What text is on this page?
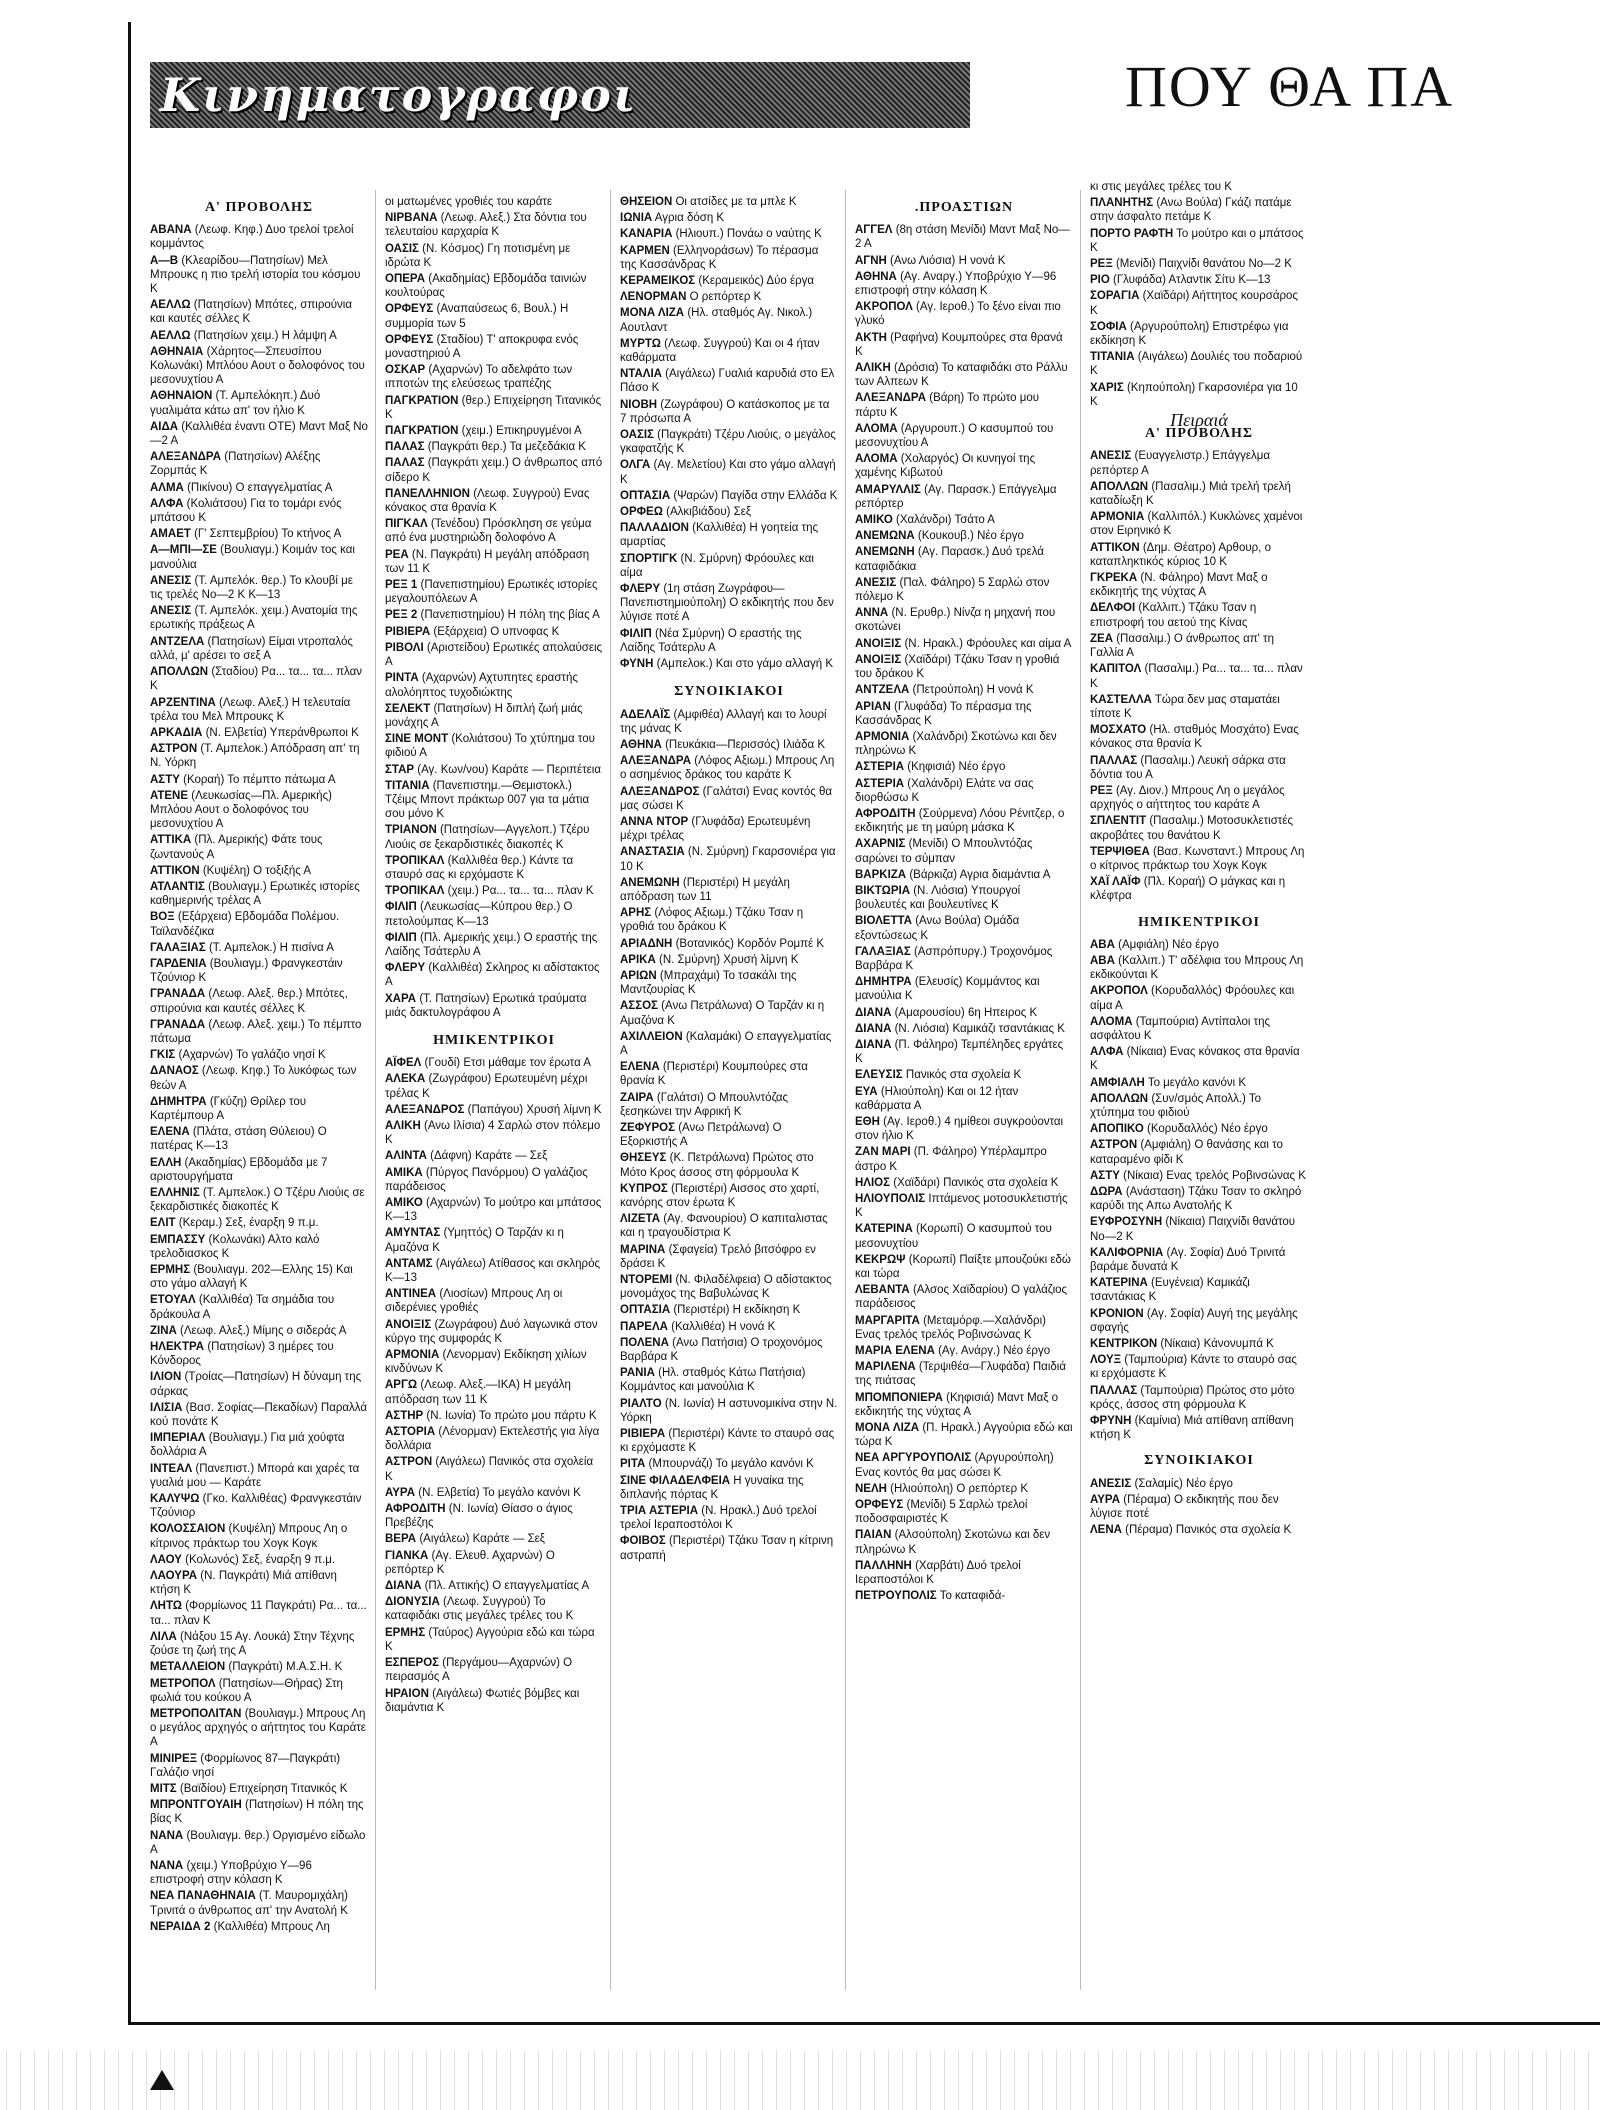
Κινηματογραφοι	ΠΟΥ ΘΑ ΠΑ
Α' ΠΡΟΒΟΛΗΣ
ΑΒΑΝΑ (Λεωφ. Κηφ.) Δυο τρελοί τρελοί κομμάντος
Α—Β (Κλεαρίδου—Πατησίων) Μελ Μπρουκς η πιο τρελή ιστορία του κόσμου Κ
ΑΕΛΛΩ (Πατησίων) Μπότες, σπιρούνια και καυτές σέλλες Κ
ΑΕΛΛΩ (Πατησίων χειμ.) Η λάμψη Α
ΑΘΗΝΑΙΑ (Χάρητος—Σπευσίπου Κολωνάκι) Μπλόου Αουτ ο δολοφόνος του μεσονυχτίου Α
ΑΘΗΝΑΙΟΝ (Τ. Αμπελόκηπ.) Δυό γυαλιμάτα κάτω απ' τον ήλιο Κ
ΑΙΔΑ (Καλλιθέα έναντι ΟΤΕ) Μαντ Μαξ Νο—2 Α
ΑΛΕΞΑΝΔΡΑ (Πατησίων) Αλέξης Ζορμπάς Κ
ΑΛΜΑ (Πικίνου) Ο επαγγελματίας Α
ΑΛΦΑ (Κολιάτσου) Για το τομάρι ενός μπάτσου Κ
ΑΜΑΕΤ (Γ' Σεπτεμβρίου) Το κτήνος Α
Α—ΜΠΙ—ΣΕ (Βουλιαγμ.) Κοιμάν τος και μανούλια
ΑΝΕΣΙΣ (Τ. Αμπελόκ. θερ.) Το κλουβί με τις τρελές Νο—2 Κ Κ—13
ΑΝΕΣΙΣ (Τ. Αμπελόκ. χειμ.) Ανατομία της ερωτικής πράξεως Α
ΑΝΤΖΕΛΑ (Πατησίων) Είμαι ντροπαλός αλλά, μ' αρέσει το σεξ Α
ΑΠΟΛΛΩΝ (Σταδίου) Ρα... τα... τα... πλαν Κ
ΑΡΖΕΝΤΙΝΑ (Λεωφ. Αλεξ.) Η τελευταία τρέλα του Μελ Μπρουκς Κ
ΑΡΚΑΔΙΑ (Ν. Ελβετία) Υπεράνθρωποι Κ
ΑΣΤΡΟΝ (Τ. Αμπελοκ.) Απόδραση απ' τη Ν. Υόρκη
ΑΣΤΥ (Κοραή) Το πέμπτο πάτωμα Α
ΑΤΕΝΕ (Λευκωσίας—Πλ. Αμερικής) Μπλόου Αουτ ο δολοφόνος του μεσονυχτίου Α
ΑΤΤΙΚΑ (Πλ. Αμερικής) Φάτε τους ζωντανούς Α
ΑΤΤΙΚΟΝ (Κυψέλη) Ο τοξιξής Α
ΑΤΛΑΝΤΙΣ (Βουλιαγμ.) Ερωτικές ιστορίες καθημερινής τρέλας Α
ΒΟΞ (Εξάρχεια) Εβδομάδα Πολέμου. Ταϊλανδέζικα
ΓΑΛΑΞΙΑΣ (Τ. Αμπελοκ.) Η πισίνα Α
ΓΑΡΔΕΝΙΑ (Βουλιαγμ.) Φρανγκεστάιν Τζούνιορ Κ
ΓΡΑΝΑΔΑ (Λεωφ. Αλεξ. θερ.) Μπότες, σπιρούνια και καυτές σέλλες Κ
ΓΡΑΝΑΔΑ (Λεωφ. Αλεξ. χειμ.) Το πέμπτο πάτωμα
ΓΚΙΣ (Αχαρνών) Το γαλάζιο νησί Κ
ΔΑΝΑΟΣ (Λεωφ. Κηφ.) Το λυκόφως των θεών Α
ΔΗΜΗΤΡΑ (Γκύζη) Θρίλερ του Καρτέμπουρ Α
ΕΛΕΝΑ (Πλάτα, στάση Θύλειου) Ο πατέρας Κ—13
ΕΛΛΗ (Ακαδημίας) Εβδομάδα με 7 αριστουργήματα
ΕΛΛΗΝΙΣ (Τ. Αμπελοκ.) Ο Τζέρυ Λιούις σε ξεκαρδιστικές διακοπές Κ
ΕΛΙΤ (Κεραμ.) Σεξ, έναρξη 9 π.μ.
ΕΜΠΑΣΣΥ (Κολωνάκι) Αλτο καλό τρελοδιασκος Κ
ΕΡΜΗΣ (Βουλιαγμ. 202—Ελλης 15) Και στο γάμο αλλαγή Κ
ΕΤΟΥΑΛ (Καλλιθέα) Τα σημάδια του δράκουλα Α
ΖΙΝΑ (Λεωφ. Αλεξ.) Μίμης ο σιδεράς Α
ΗΛΕΚΤΡΑ (Πατησίων) 3 ημέρες του Κόνδορος
ΙΛΙΟΝ (Τροίας—Πατησίων) Η δύναμη της σάρκας
ΙΛΙΣΙΑ (Βασ. Σοφίας—Πεκαδίων) Παραλλά κού πονάτε Κ
ΙΜΠΕΡΙΑΛ (Βουλιαγμ.) Για μιά χούφτα δολλάρια Α
ΙΝΤΕΑΛ (Πανεπιστ.) Μπορά και χαρές τα γυαλιά μου — Καράτε
ΚΑΛΥΨΩ (Γκο. Καλλιθέας) Φρανγκεστάιν Τζούνιορ
ΚΟΛΟΣΣΑΙΟΝ (Κυψέλη) Μπρους Λη ο κίτρινος πράκτωρ του Χογκ Κογκ
ΛΑΟΥ (Κολωνός) Σεξ, έναρξη 9 π.μ.
ΛΑΟΥΡΑ (Ν. Παγκράτι) Μιά απίθανη κτήση Κ
ΛΗΤΩ (Φορμίωνος 11 Παγκράτι) Ρα... τα... τα... πλαν Κ
ΛΙΛΑ (Νάξου 15 Αγ. Λουκά) Στην Τέχνης ζούσε τη ζωή της Α
ΜΕΤΑΛΛΕΙΟΝ (Παγκράτι) Μ.Α.Σ.Η. Κ
ΜΕΤΡΟΠΟΛ (Πατησίων—Θήρας) Στη φωλιά του κούκου Α
ΜΕΤΡΟΠΟΛΙΤΑΝ (Βουλιαγμ.) Μπρους Λη ο μεγάλος αρχηγός ο αήττητος του Καράτε Α
ΜΙΝΙΡΕΞ (Φορμίωνος 87—Παγκράτι) Γαλάζιο νησί
ΜΙΤΣ (Βαϊδίου) Επιχείρηση Τιτανικός Κ
ΜΠΡΟΝΤΓΟΥΑΙΗ (Πατησίων) Η πόλη της βίας Κ
ΝΑΝΑ (Βουλιαγμ. θερ.) Οργισμένο είδωλο Α
ΝΑΝΑ (χειμ.) Υποβρύχιο Υ—96 επιστροφή στην κόλαση Κ
ΝΕΑ ΠΑΝΑΘΗΝΑΙΑ (Τ. Μαυρομιχάλη) Τρινιτά ο άνθρωπος απ' την Ανατολή Κ
ΝΕΡΑΙΔΑ 2 (Καλλιθέα) Μπρους Λη
οι ματωμένες γροθιές του καράτε
ΝΙΡΒΑΝΑ (Λεωφ. Αλεξ.) Στα δόντια του τελευταίου καρχαρία Κ
ΟΑΣΙΣ (Ν. Κόσμος) Γη ποτισμένη με ιδρώτα Κ
ΟΠΕΡΑ (Ακαδημίας) Εβδομάδα ταινιών κουλτούρας
ΟΡΦΕΥΣ (Αναπαύσεως 6, Βουλ.) Η συμμορία των 5
ΟΡΦΕΥΣ (Σταδίου) Τ' αποκρυφα ενός μοναστηριού Α
ΟΣΚΑΡ (Αχαρνών) Το αδελφάτο των ιπποτών της ελεύσεως τραπέζης
ΠΑΓΚΡΑΤΙΟΝ (θερ.) Επιχείρηση Τιτανικός Κ
ΠΑΓΚΡΑΤΙΟΝ (χειμ.) Επικηρυγμένοι Α
ΠΑΛΑΣ (Παγκράτι θερ.) Τα μεζεδάκια Κ
ΠΑΛΑΣ (Παγκράτι χειμ.) Ο άνθρωπος από σίδερο Κ
ΠΑΝΕΛΛΗΝΙΟΝ (Λεωφ. Συγγρού) Ενας κόνακος στα θρανία Κ
ΠΙΓΚΑΛ (Τενέδου) Πρόσκληση σε γεύμα από ένα μυστηριώδη δολοφόνο Α
ΡΕΑ (Ν. Παγκράτι) Η μεγάλη απόδραση των 11 Κ
ΡΕΞ 1 (Πανεπιστημίου) Ερωτικές ιστορίες μεγαλουπόλεων Α
ΡΕΞ 2 (Πανεπιστημίου) Η πόλη της βίας Α
ΡΙΒΙΕΡΑ (Εξάρχεια) Ο υπνοφας Κ
ΡΙΒΟΛΙ (Αριστείδου) Ερωτικές απολαύσεις Α
ΡΙΝΤΑ (Αχαρνών) Αχτυπητες εραστής αλολόηπτος τυχοδιώκτης
ΣΕΛΕΚΤ (Πατησίων) Η διπλή ζωή μιάς μονάχης Α
ΣΙΝΕ ΜΟΝΤ (Κολιάτσου) Το χτύπημα του φιδιού Α
ΣΤΑΡ (Αγ. Κων/νου) Καράτε — Περιπέτεια
ΤΙΤΑΝΙΑ (Πανεπιστημ.—Θεμιστοκλ.) Τζέιμς Μποντ πράκτωρ 007 για τα μάτια σου μόνο Κ
ΤΡΙΑΝΟΝ (Πατησίων—Αγγελοπ.) Τζέρυ Λιούις σε ξεκαρδιστικές διακοπές Κ
ΤΡΟΠΙΚΑΛ (Καλλιθέα θερ.) Κάντε τα σταυρό σας κι ερχόμαστε Κ
ΤΡΟΠΙΚΑΛ (χειμ.) Ρα... τα... τα... πλαν Κ
ΦΙΛΙΠ (Λευκωσίας—Κύπρου θερ.) Ο πετολούμπας Κ—13
ΦΙΛΙΠ (Πλ. Αμερικής χειμ.) Ο εραστής της Λαίδης Τσάτερλυ Α
ΦΛΕΡΥ (Καλλιθέα) Σκληρος κι αδίστακτος Α
ΧΑΡΑ (Τ. Πατησίων) Ερωτικά τραύματα μιάς δακτυλογράφου Α
ΗΜΙΚΕΝΤΡΙΚΟΙ
ΑΪΦΕΛ (Γουδί) Ετσι μάθαμε τον έρωτα Α
ΑΛΕΚΑ (Ζωγράφου) Ερωτευμένη μέχρι τρέλας Κ
ΑΛΕΞΑΝΔΡΟΣ (Παπάγου) Χρυσή λίμνη Κ
ΑΛΙΚΗ (Ανω Ιλίσια) 4 Σαρλώ στον πόλεμο Κ
ΑΛΙΝΤΑ (Δάφνη) Καράτε — Σεξ
ΑΜΙΚΑ (Πύργος Πανόρμου) Ο γαλάζιος παράδεισος
ΑΜΙΚΟ (Αχαρνών) Το μούτρο και μπάτσος Κ—13
ΑΜΥΝΤΑΣ (Υμηττός) Ο Ταρζάν κι η Αμαζόνα Κ
ΑΝΤΑΜΣ (Αιγάλεω) Ατίθασος και σκληρός Κ—13
ΑΝΤΙΝΕΑ (Λιοσίων) Μπρους Λη οι σιδερένιες γροθιές
ΑΝΟΙΞΙΣ (Ζωγράφου) Δυό λαγωνικά στον κύργο της συμφοράς Κ
ΑΡΜΟΝΙΑ (Λενορμαν) Εκδίκηση χιλίων κινδύνων Κ
ΑΡΓΩ (Λεωφ. Αλεξ.—ΙΚΑ) Η μεγάλη απόδραση των 11 Κ
ΑΣΤΗΡ (Ν. Ιωνία) Το πρώτο μου πάρτυ Κ
ΑΣΤΟΡΙΑ (Λένορμαν) Εκτελεστής για λίγα δολλάρια
ΑΣΤΡΟΝ (Αιγάλεω) Πανικός στα σχολεία Κ
ΑΥΡΑ (Ν. Ελβετία) Το μεγάλο κανόνι Κ
ΑΦΡΟΔΙΤΗ (Ν. Ιωνία) Θίασο ο άγιος Πρεβέζης
ΒΕΡΑ (Αιγάλεω) Καράτε — Σεξ
ΓΙΑΝΚΑ (Αγ. Ελευθ. Αχαρνών) Ο ρεπόρτερ Κ
ΔΙΑΝΑ (Πλ. Αττικής) Ο επαγγελματίας Α
ΔΙΟΝΥΣΙΑ (Λεωφ. Συγγρού) Το καταφιδάκι στις μεγάλες τρέλες του Κ
ΕΡΜΗΣ (Ταύρος) Αγγούρια εδώ και τώρα Κ
ΕΣΠΕΡΟΣ (Περγάμου—Αχαρνών) Ο πειρασμός Α
ΗΡΑΙΟΝ (Αιγάλεω) Φωτιές βόμβες και διαμάντια Κ
ΘΗΣΕΙΟΝ Οι ατσίδες με τα μπλε Κ
ΙΩΝΙΑ Αγρια δόση Κ
ΚΑΝΑΡΙΑ (Ηλιουπ.) Πονάω ο ναύτης Κ
ΚΑΡΜΕΝ (Ελληνοράσων) Το πέρασμα της Κασσάνδρας Κ
ΚΕΡΑΜΕΙΚΟΣ (Κεραμεικός) Δύο έργα
ΛΕΝΟΡΜΑΝ Ο ρεπόρτερ Κ
ΜΟΝΑ ΛΙΖΑ (Ηλ. σταθμός Αγ. Νικολ.) Αουτλαντ
ΜΥΡΤΩ (Λεωφ. Συγγρού) Και οι 4 ήταν καθάρματα
ΝΤΑΛΙΑ (Αιγάλεω) Γυαλιά καρυδιά στο Ελ Πάσο Κ
ΝΙΟΒΗ (Ζωγράφου) Ο κατάσκοπος με τα 7 πρόσωπα Α
ΟΑΣΙΣ (Παγκράτι) Τζέρυ Λιούις, ο μεγάλος γκαφατζής Κ
ΟΛΓΑ (Αγ. Μελετίου) Και στο γάμο αλλαγή Κ
ΟΠΤΑΣΙΑ (Ψαρών) Παγίδα στην Ελλάδα Κ
ΟΡΦΕΩ (Αλκιβιάδου) Σεξ
ΠΑΛΛΑΔΙΟΝ (Καλλιθέα) Η γοητεία της αμαρτίας
ΣΠΟΡΤΙΓΚ (Ν. Σμύρνη) Φρόουλες και αίμα
ΦΛΕΡΥ (1η στάση Ζωγράφου—Πανεπιστημιούπολη) Ο εκδικητής που δεν λύγισε ποτέ Α
ΦΙΛΙΠ (Νέα Σμύρνη) Ο εραστής της Λαίδης Τσάτερλυ Α
ΦΥΝΗ (Αμπελοκ.) Και στο γάμο αλλαγή Κ
ΣΥΝΟΙΚΙΑΚΟΙ
ΑΔΕΛΑΪΣ (Αμφιθέα) Αλλαγή και το λουρί της μάνας Κ
ΑΘΗΝΑ (Πευκάκια—Περισσός) Ιλιάδα Κ
ΑΛΕΞΑΝΔΡΑ (Λόφος Αξιωμ.) Μπρους Λη ο ασημένιος δράκος του καράτε Κ
ΑΛΕΞΑΝΔΡΟΣ (Γαλάτσι) Ενας κοντός θα μας σώσει Κ
ΑΝΝΑ ΝΤΟΡ (Γλυφάδα) Ερωτευμένη μέχρι τρέλας
ΑΝΑΣΤΑΣΙΑ (Ν. Σμύρνη) Γκαρσονιέρα για 10 Κ
ΑΝΕΜΩΝΗ (Περιστέρι) Η μεγάλη απόδραση των 11
ΑΡΗΣ (Λόφος Αξιωμ.) Τζάκυ Τσαν η γροθιά του δράκου Κ
ΑΡΙΑΔΝΗ (Βοτανικός) Κορδόν Ρομπέ Κ
ΑΡΙΚΑ (Ν. Σμύρνη) Χρυσή λίμνη Κ
ΑΡΙΩΝ (Μπραχάμι) Το τσακάλι της Μαντζουρίας Κ
ΑΣΣΟΣ (Ανω Πετράλωνα) Ο Ταρζάν κι η Αμαζόνα Κ
ΑΧΙΛΛΕΙΟΝ (Καλαμάκι) Ο επαγγελματίας Α
ΕΛΕΝΑ (Περιστέρι) Κουμπούρες στα θρανία Κ
ΖΑΙΡΑ (Γαλάτσι) Ο Μπουλντόζας ξεσηκώνει την Αφρική Κ
ΖΕΦΥΡΟΣ (Ανω Πετράλωνα) Ο Εξορκιστής Α
ΘΗΣΕΥΣ (Κ. Πετράλωνα) Πρώτος στο Μότο Κρος άσσος στη φόρμουλα Κ
ΚΥΠΡΟΣ (Περιστέρι) Αισσος στο χαρτί, κανόρης στον έρωτα Κ
ΛΙΖΕΤΑ (Αγ. Φανουρίου) Ο καπιταλιστας και η τραγουδίστρια Κ
ΜΑΡΙΝΑ (Σφαγεία) Τρελό βιτσόφρο εν δράσει Κ
ΝΤΟΡΕΜΙ (Ν. Φιλαδέλφεια) Ο αδίστακτος μονομάχος της Βαβυλώνας Κ
ΟΠΤΑΣΙΑ (Περιστέρι) Η εκδίκηση Κ
ΠΑΡΕΛΑ (Καλλιθέα) Η νονά Κ
ΠΟΛΕΝΑ (Ανω Πατήσια) Ο τροχονόμος Βαρβάρα Κ
ΡΑΝΙΑ (Ηλ. σταθμός Κάτω Πατήσια) Κομμάντος και μανούλια Κ
ΡΙΑΛΤΟ (Ν. Ιωνία) Η αστυνομικίνα στην Ν. Υόρκη
ΡΙΒΙΕΡΑ (Περιστέρι) Κάντε το σταυρό σας κι ερχόμαστε Κ
ΡΙΤΑ (Μπουρνάζι) Το μεγάλο κανόνι Κ
ΣΙΝΕ ΦΙΛΑΔΕΛΦΕΙΑ Η γυναίκα της διπλανής πόρτας Κ
ΤΡΙΑ ΑΣΤΕΡΙΑ (Ν. Ηρακλ.) Δυό τρελοί τρελοί Ιεραποστόλοι Κ
ΦΟΙΒΟΣ (Περιστέρι) Τζάκυ Τσαν η κίτρινη αστραπή
.ΠΡΟΑΣΤΙΩΝ
ΑΓΓΕΛ (8η στάση Μενίδι) Μαντ Μαξ Νο—2 Α
ΑΓΝΗ (Ανω Λιόσια) Η νονά Κ
ΑΘΗΝΑ (Αγ. Αναργ.) Υποβρύχιο Υ—96 επιστροφή στην κόλαση Κ
ΑΚΡΟΠΟΛ (Αγ. Ιεροθ.) Το ξένο είναι πιο γλυκό
ΑΚΤΗ (Ραφήνα) Κουμπούρες στα θρανά Κ
ΑΛΙΚΗ (Δρόσια) Το καταφιδάκι στο Ράλλυ των Αλπεων Κ
ΑΛΕΞΑΝΔΡΑ (Βάρη) Το πρώτο μου πάρτυ Κ
ΑΛΟΜΑ (Αργυρουπ.) Ο κασυμπού του μεσονυχτίου Α
ΑΛΟΜΑ (Χολαργός) Οι κυνηγοί της χαμένης Κιβωτού
ΑΜΑΡΥΛΛΙΣ (Αγ. Παρασκ.) Επάγγελμα ρεπόρτερ
ΑΜΙΚΟ (Χαλάνδρι) Τσάτο Α
ΑΝΕΜΩΝΑ (Κουκουβ.) Νέο έργο
ΑΝΕΜΩΝΗ (Αγ. Παρασκ.) Δυό τρελά καταφιδάκια
ΑΝΕΣΙΣ (Παλ. Φάληρο) 5 Σαρλώ στον πόλεμο Κ
ΑΝΝΑ (Ν. Ερυθρ.) Νίνζα η μηχανή που σκοτώνει
ΑΝΟΙΞΙΣ (Ν. Ηρακλ.) Φρόουλες και αίμα Α
ΑΝΟΙΞΙΣ (Χαϊδάρι) Τζάκυ Τσαν η γροθιά του δράκου Κ
ΑΝΤΖΕΛΑ (Πετρούπολη) Η νονά Κ
ΑΡΙΑΝ (Γλυφάδα) Το πέρασμα της Κασσάνδρας Κ
ΑΡΜΟΝΙΑ (Χαλάνδρι) Σκοτώνω και δεν πληρώνω Κ
ΑΣΤΕΡΙΑ (Κηφισιά) Νέο έργο
ΑΣΤΕΡΙΑ (Χαλάνδρι) Ελάτε να σας διορθώσω Κ
ΑΦΡΟΔΙΤΗ (Σούρμενα) Λόου Ρένιτζερ, ο εκδικητής με τη μαύρη μάσκα Κ
ΑΧΑΡΝΙΣ (Μενίδι) Ο Μπουλντόζας σαρώνει το σύμπαν
ΒΑΡΚΙΖΑ (Βάρκιζα) Αγρια διαμάντια Α
ΒΙΚΤΩΡΙΑ (Ν. Λιόσια) Υπουργοί βουλευτές και βουλευτίνες Κ
ΒΙΟΛΕΤΤΑ (Ανω Βούλα) Ομάδα εξοντώσεως Κ
ΓΑΛΑΞΙΑΣ (Ασπρόπυργ.) Τροχονόμος Βαρβάρα Κ
ΔΗΜΗΤΡΑ (Ελευσίς) Κομμάντος και μανούλια Κ
ΔΙΑΝΑ (Αμαρουσίου) 6η Ηπειρος Κ
ΔΙΑΝΑ (Ν. Λιόσια) Καμικάζι τσαντάκιας Κ
ΔΙΑΝΑ (Π. Φάληρο) Τεμπέληδες εργάτες Κ
ΕΛΕΥΣΙΣ Πανικός στα σχολεία Κ
ΕΥΑ (Ηλιούπολη) Και οι 12 ήταν καθάρματα Α
ΕΘΗ (Αγ. Ιεροθ.) 4 ημίθεοι συγκρούονται στον ήλιο Κ
ΖΑΝ ΜΑΡΙ (Π. Φάληρο) Υπέρλαμπρο άστρο Κ
ΗΛΙΟΣ (Χαϊδάρι) Πανικός στα σχολεία Κ
ΗΛΙΟΥΠΟΛΙΣ Ιπτάμενος μοτοσυκλετιστής Κ
ΚΑΤΕΡΙΝΑ (Κορωπί) Ο κασυμπού του μεσονυχτίου
ΚΕΚΡΩΨ (Κορωπί) Παίξτε μπουζούκι εδώ και τώρα
ΛΕΒΑΝΤΑ (Αλσος Χαϊδαρίου) Ο γαλάζιος παράδεισος
ΜΑΡΓΑΡΙΤΑ (Μεταμόρφ.—Χαλάνδρι) Ενας τρελός τρελός Ροβινσώνας Κ
ΜΑΡΙΑ ΕΛΕΝΑ (Αγ. Ανάργ.) Νέο έργο
ΜΑΡΙΛΕΝΑ (Τερψιθέα—Γλυφάδα) Παιδιά της πιάτσας
ΜΠΟΜΠΟΝΙΕΡΑ (Κηφισιά) Μαντ Μαξ ο εκδικητής της νύχτας Α
ΜΟΝΑ ΛΙΖΑ (Π. Ηρακλ.) Αγγούρια εδώ και τώρα Κ
ΝΕΑ ΑΡΓΥΡΟΥΠΟΛΙΣ (Αργυρούπολη) Ενας κοντός θα μας σώσει Κ
ΝΕΛΗ (Ηλιούπολη) Ο ρεπόρτερ Κ
ΟΡΦΕΥΣ (Μενίδι) 5 Σαρλώ τρελοί ποδοσφαιριστές Κ
ΠΑΙΑΝ (Αλσούπολη) Σκοτώνω και δεν πληρώνω Κ
ΠΑΛΛΗΝΗ (Χαρβάτι) Δυό τρελοί Ιεραποστόλοι Κ
ΠΕΤΡΟΥΠΟΛΙΣ Το καταφιδά-
κι στις μεγάλες τρέλες του Κ
ΠΛΑΝΗΤΗΣ (Ανω Βούλα) Γκάζι πατάμε στην άσφαλτο πετάμε Κ
ΠΟΡΤΟ ΡΑΦΤΗ Το μούτρο και ο μπάτσος Κ
ΡΕΞ (Μενίδι) Παιχνίδι θανάτου Νο—2 Κ
ΡΙΟ (Γλυφάδα) Ατλαντικ Σίτυ Κ—13
ΣΟΡΑΓΙΑ (Χαϊδάρι) Αήττητος κουρσάρος Κ
ΣΟΦΙΑ (Αργυρούπολη) Επιστρέφω για εκδίκηση Κ
ΤΙΤΑΝΙΑ (Αιγάλεω) Δουλιές του ποδαριού Κ
ΧΑΡΙΣ (Κηπούπολη) Γκαρσονιέρα για 10 Κ
Πειραιά
Α' ΠΡΟΒΟΛΗΣ
ΑΝΕΣΙΣ (Ευαγγελιστρ.) Επάγγελμα ρεπόρτερ Α
ΑΠΟΛΛΩΝ (Πασαλιμ.) Μιά τρελή τρελή καταδίωξη Κ
ΑΡΜΟΝΙΑ (Καλλιπόλ.) Κυκλώνες χαμένοι στον Ειρηνικό Κ
ΑΤΤΙΚΟΝ (Δημ. Θέατρο) Αρθουρ, ο καταπληκτικός κύριος 10 Κ
ΓΚΡΕΚΑ (Ν. Φάληρο) Μαντ Μαξ ο εκδικητής της νύχτας Α
ΔΕΛΦΟΙ (Καλλιπ.) Τζάκυ Τσαν η επιστροφή του αετού της Κίνας
ΖΕΑ (Πασαλιμ.) Ο άνθρωπος απ' τη Γαλλία Α
ΚΑΠΙΤΟΛ (Πασαλιμ.) Ρα... τα... τα... πλαν Κ
ΚΑΣΤΕΛΛΑ Τώρα δεν μας σταματάει τίποτε Κ
ΜΟΣΧΑΤΟ (Ηλ. σταθμός Μοσχάτο) Ενας κόνακος στα θρανία Κ
ΠΑΛΛΑΣ (Πασαλιμ.) Λευκή σάρκα στα δόντια του Α
ΡΕΞ (Αγ. Διον.) Μπρους Λη ο μεγάλος αρχηγός ο αήττητος του καράτε Α
ΣΠΛΕΝΤΙΤ (Πασαλιμ.) Μοτοσυκλετιστές ακροβάτες του θανάτου Κ
ΤΕΡΨΙΘΕΑ (Βασ. Κωνσταντ.) Μπρους Λη ο κίτρινος πράκτωρ του Χογκ Κογκ
ΧΑΪ ΛΑΪΦ (Πλ. Κοραή) Ο μάγκας και η κλέφτρα
ΗΜΙΚΕΝΤΡΙΚΟΙ
ΑΒΑ (Αμφιάλη) Νέο έργο
ΑΒΑ (Καλλιπ.) Τ' αδέλφια του Μπρους Λη εκδικούνται Κ
ΑΚΡΟΠΟΛ (Κορυδαλλός) Φρόουλες και αίμα Α
ΑΛΟΜΑ (Ταμπούρια) Αντίπαλοι της ασφάλτου Κ
ΑΛΦΑ (Νίκαια) Ενας κόνακος στα θρανία Κ
ΑΜΦΙΑΛΗ Το μεγάλο κανόνι Κ
ΑΠΟΛΛΩΝ (Συν/σμός Απολλ.) Το χτύπημα του φιδιού
ΑΠΟΠΙΚΟ (Κορυδαλλός) Νέο έργο
ΑΣΤΡΟΝ (Αμφιάλη) Ο θανάσης και το καταραμένο φίδι Κ
ΑΣΤΥ (Νίκαια) Ενας τρελός Ροβινσώνας Κ
ΔΩΡΑ (Ανάσταση) Τζάκυ Τσαν το σκληρό καρύδι της Απω Ανατολής Κ
ΕΥΦΡΟΣΥΝΗ (Νίκαια) Παιχνίδι θανάτου Νο—2 Κ
ΚΑΛΙΦΟΡΝΙΑ (Αγ. Σοφία) Δυό Τρινιτά βαράμε δυνατά Κ
ΚΑΤΕΡΙΝΑ (Ευγένεια) Καμικάζι τσαντάκιας Κ
ΚΡΟΝΙΟΝ (Αγ. Σοφία) Αυγή της μεγάλης σφαγής
ΚΕΝΤΡΙΚΟΝ (Νίκαια) Κάνονυμπά Κ
ΛΟΥΞ (Ταμπούρια) Κάντε το σταυρό σας κι ερχόμαστε Κ
ΠΑΛΛΑΣ (Ταμπούρια) Πρώτος στο μότο κρόςς, άσσος στη φόρμουλα Κ
ΦΡΥΝΗ (Καμίνια) Μιά απίθανη απίθανη κτήση Κ
ΣΥΝΟΙΚΙΑΚΟΙ
ΑΝΕΣΙΣ (Σαλαμίς) Νέο έργο
ΑΥΡΑ (Πέραμα) Ο εκδικητής που δεν λύγισε ποτέ
ΛΕΝΑ (Πέραμα) Πανικός στα σχολεία Κ
